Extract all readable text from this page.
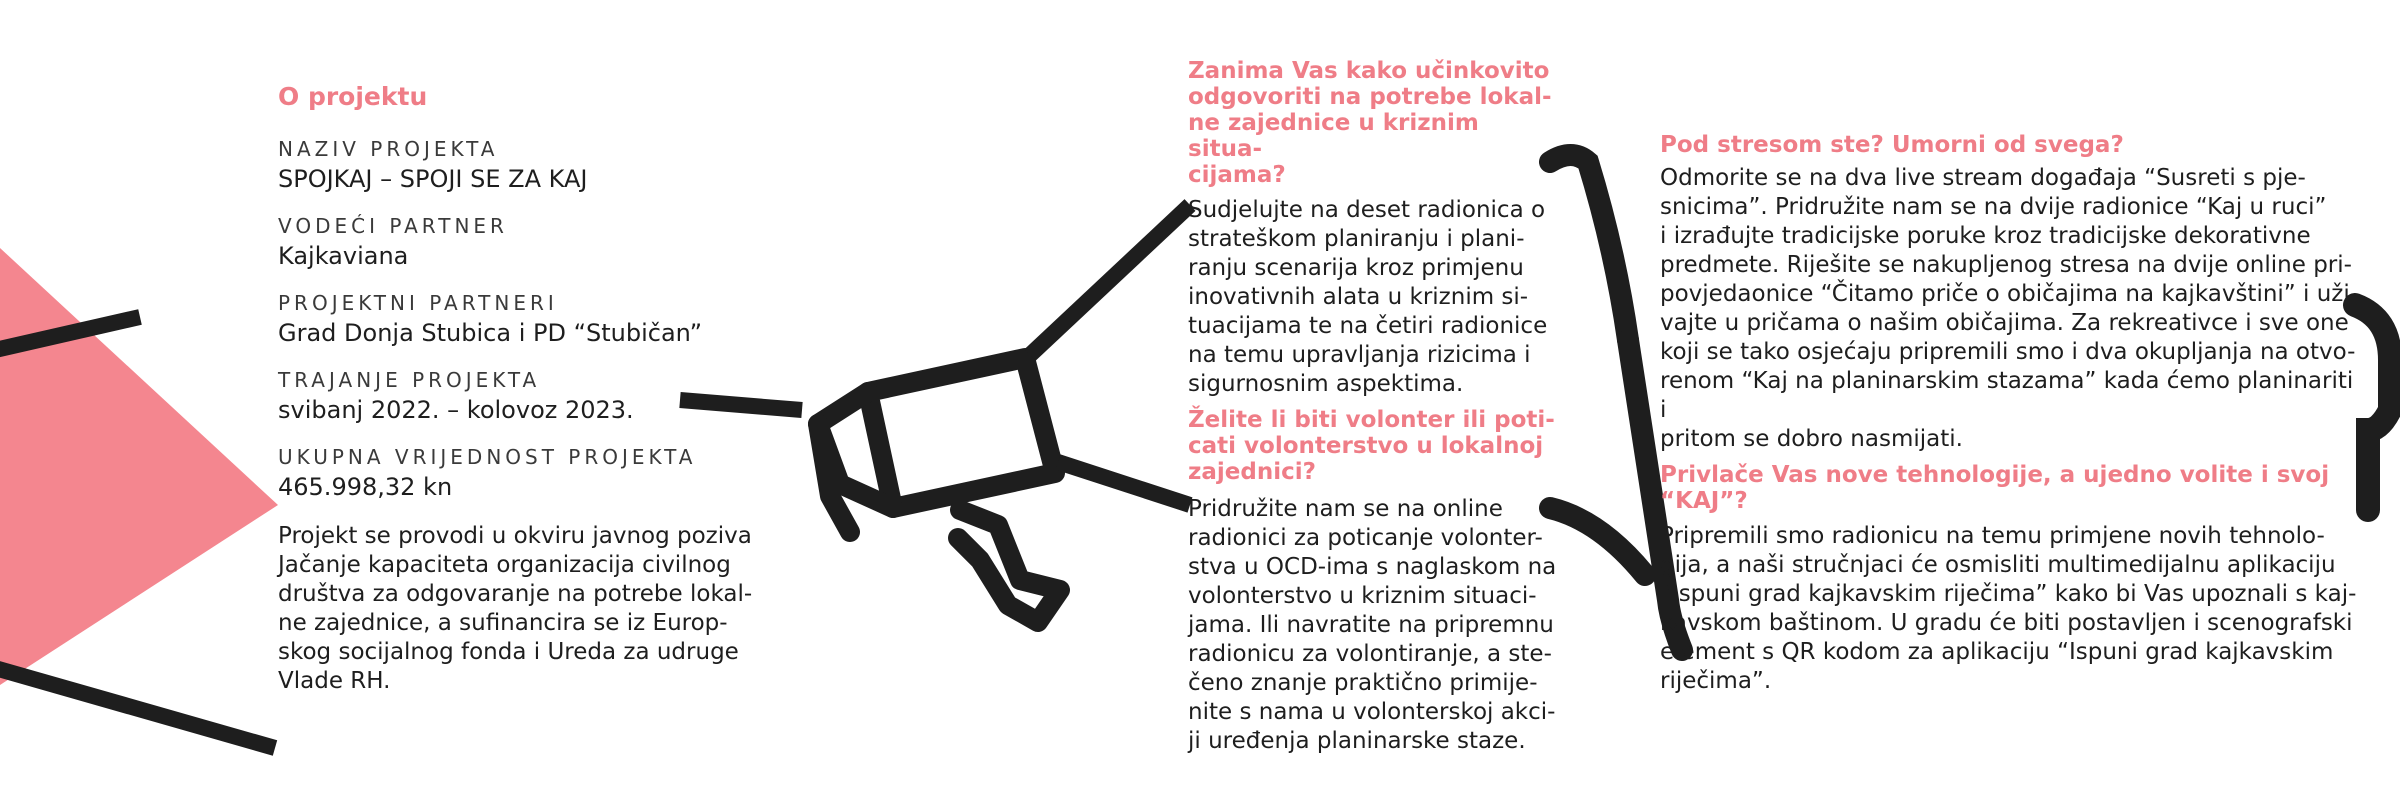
O projektu
NAZIV PROJEKTA
SPOJKAJ – SPOJI SE ZA KAJ
VODEĆI PARTNER
Kajkaviana
PROJEKTNI PARTNERI
Grad Donja Stubica i PD “Stubičan”
TRAJANJE PROJEKTA
svibanj 2022. – kolovoz 2023.
UKUPNA VRIJEDNOST PROJEKTA
465.998,32 kn
Projekt se provodi u okviru javnog poziva
Jačanje kapaciteta organizacija civilnog
društva za odgovaranje na potrebe lokal-
ne zajednice, a sufinancira se iz Europ-
skog socijalnog fonda i Ureda za udruge
Vlade RH.
Zanima Vas kako učinkovito
odgovoriti na potrebe lokal-
ne zajednice u kriznim situa-
cijama?
Sudjelujte na deset radionica o
strateškom planiranju i plani-
ranju scenarija kroz primjenu
inovativnih alata u kriznim si-
tuacijama te na četiri radionice
na temu upravljanja rizicima i
sigurnosnim aspektima.
Želite li biti volonter ili poti-
cati volonterstvo u lokalnoj
zajednici?
Pridružite nam se na online
radionici za poticanje volonter-
stva u OCD-ima s naglaskom na
volonterstvo u kriznim situaci-
jama. Ili navratite na pripremnu
radionicu za volontiranje, a ste-
čeno znanje praktično primije-
nite s nama u volonterskoj akci-
ji uređenja planinarske staze.
Pod stresom ste? Umorni od svega?
Odmorite se na dva live stream događaja “Susreti s pje-
snicima”. Pridružite nam se na dvije radionice “Kaj u ruci”
i izrađujte tradicijske poruke kroz tradicijske dekorativne
predmete. Riješite se nakupljenog stresa na dvije online pri-
povjedaonice “Čitamo priče o običajima na kajkavštini” i uži-
vajte u pričama o našim običajima. Za rekreativce i sve one
koji se tako osjećaju pripremili smo i dva okupljanja na otvo-
renom “Kaj na planinarskim stazama” kada ćemo planinariti i
pritom se dobro nasmijati.
Privlače Vas nove tehnologije, a ujedno volite i svoj
“KAJ”?
Pripremili smo radionicu na temu primjene novih tehnolo-
gija, a naši stručnjaci će osmisliti multimedijalnu aplikaciju
“Ispuni grad kajkavskim riječima” kako bi Vas upoznali s kaj-
kavskom baštinom. U gradu će biti postavljen i scenografski
element s QR kodom za aplikaciju “Ispuni grad kajkavskim
riječima”.
